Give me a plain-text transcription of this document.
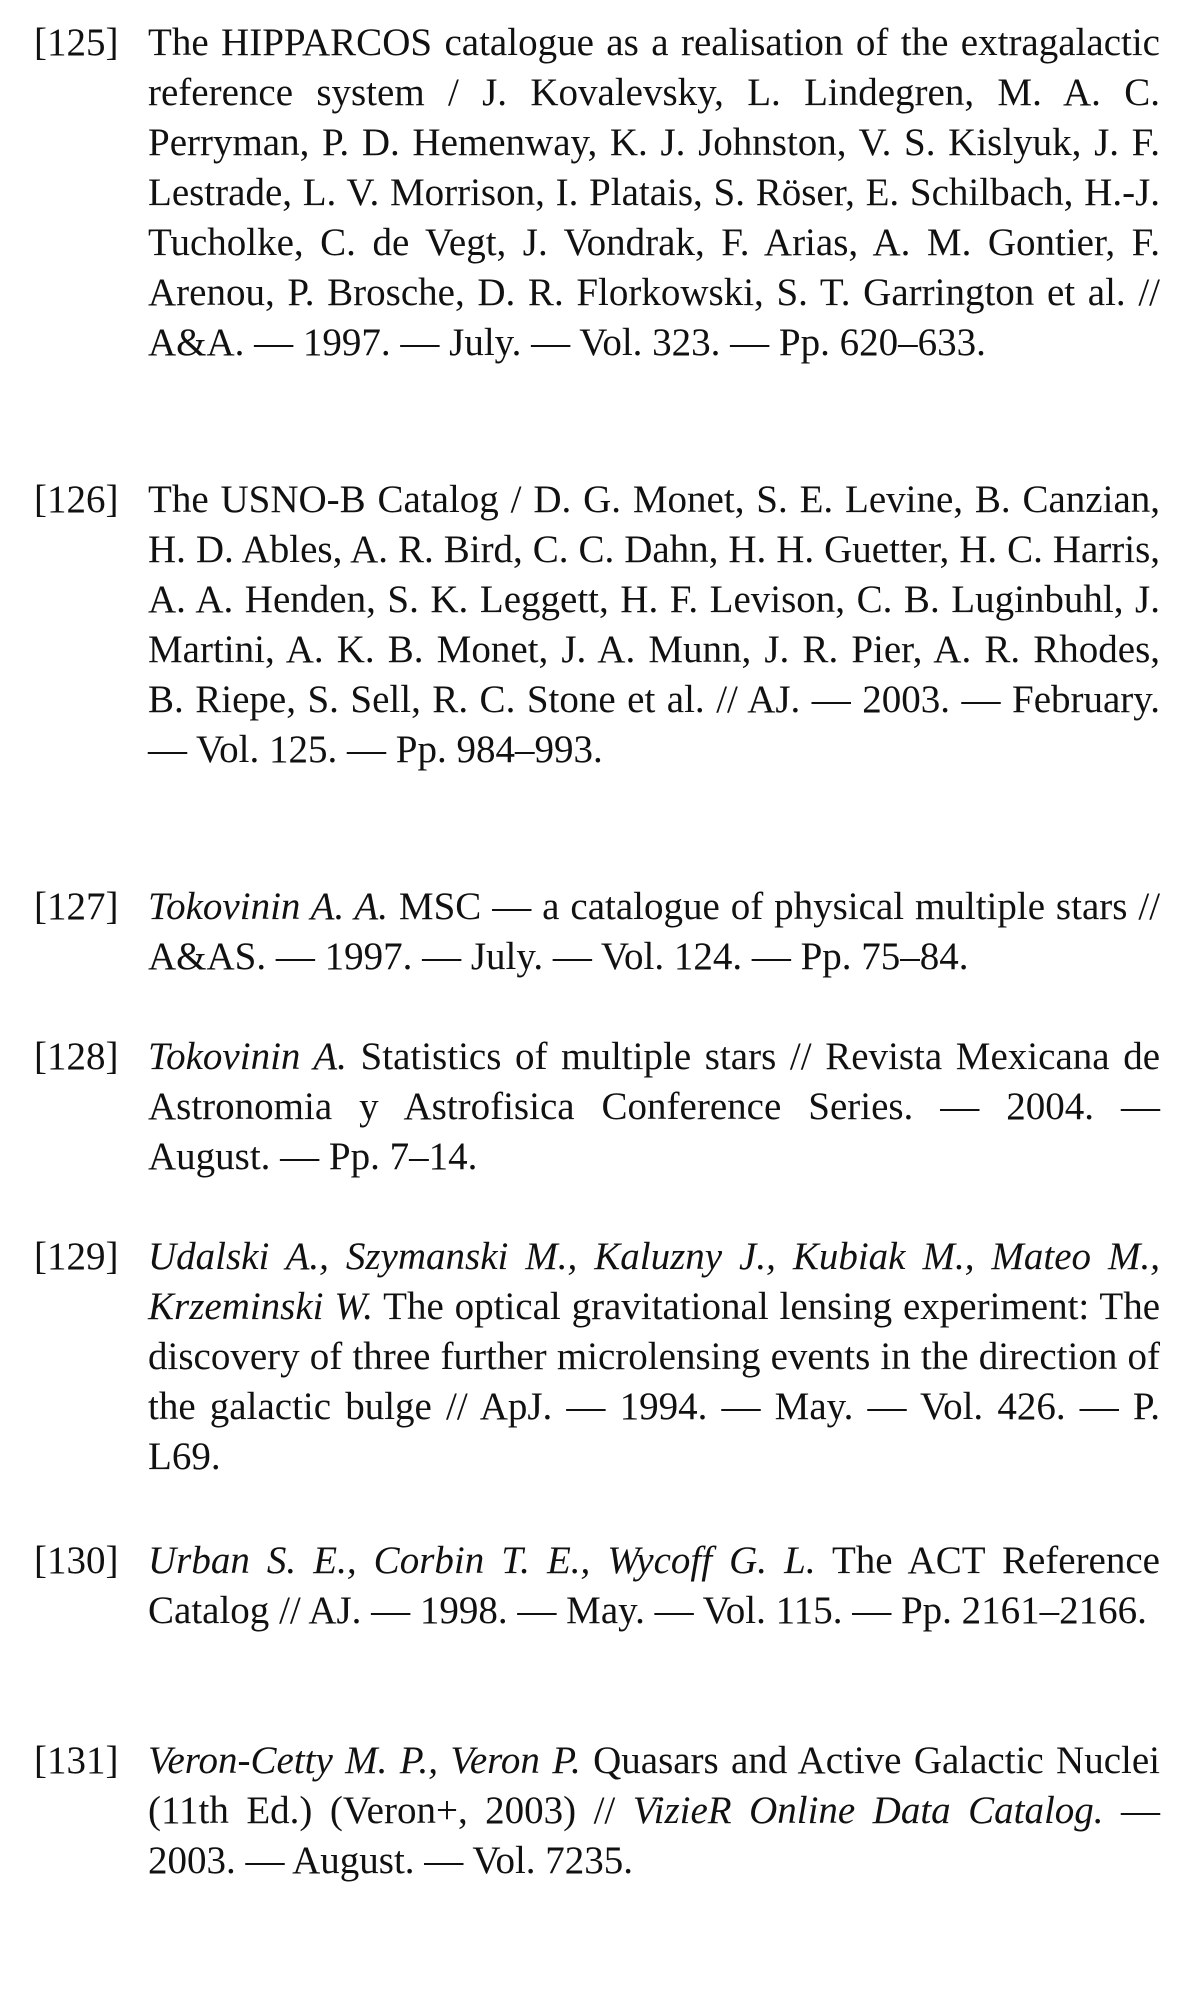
[125] The HIPPARCOS catalogue as a realisation of the extragalactic reference system / J. Kovalevsky, L. Lindegren, M. A. C. Perryman, P. D. Hemenway, K. J. Johnston, V. S. Kislyuk, J. F. Lestrade, L. V. Morrison, I. Platais, S. Röser, E. Schilbach, H.-J. Tucholke, C. de Vegt, J. Vondrak, F. Arias, A. M. Gontier, F. Arenou, P. Brosche, D. R. Florkowski, S. T. Garrington et al. // A&A. — 1997. — July. — Vol. 323. — Pp. 620–633.
[126] The USNO-B Catalog / D. G. Monet, S. E. Levine, B. Canzian, H. D. Ables, A. R. Bird, C. C. Dahn, H. H. Guetter, H. C. Harris, A. A. Henden, S. K. Leggett, H. F. Levison, C. B. Luginbuhl, J. Martini, A. K. B. Monet, J. A. Munn, J. R. Pier, A. R. Rhodes, B. Riepe, S. Sell, R. C. Stone et al. // AJ. — 2003. — February. — Vol. 125. — Pp. 984–993.
[127] Tokovinin A. A. MSC — a catalogue of physical multiple stars // A&AS. — 1997. — July. — Vol. 124. — Pp. 75–84.
[128] Tokovinin A. Statistics of multiple stars // Revista Mexicana de Astronomia y Astrofisica Conference Series. — 2004. — August. — Pp. 7–14.
[129] Udalski A., Szymanski M., Kaluzny J., Kubiak M., Mateo M., Krzeminski W. The optical gravitational lensing experiment: The discovery of three further microlensing events in the direction of the galactic bulge // ApJ. — 1994. — May. — Vol. 426. — P. L69.
[130] Urban S. E., Corbin T. E., Wycoff G. L. The ACT Reference Catalog // AJ. — 1998. — May. — Vol. 115. — Pp. 2161–2166.
[131] Veron-Cetty M. P., Veron P. Quasars and Active Galactic Nuclei (11th Ed.) (Veron+, 2003) // VizieR Online Data Catalog. — 2003. — August. — Vol. 7235.
